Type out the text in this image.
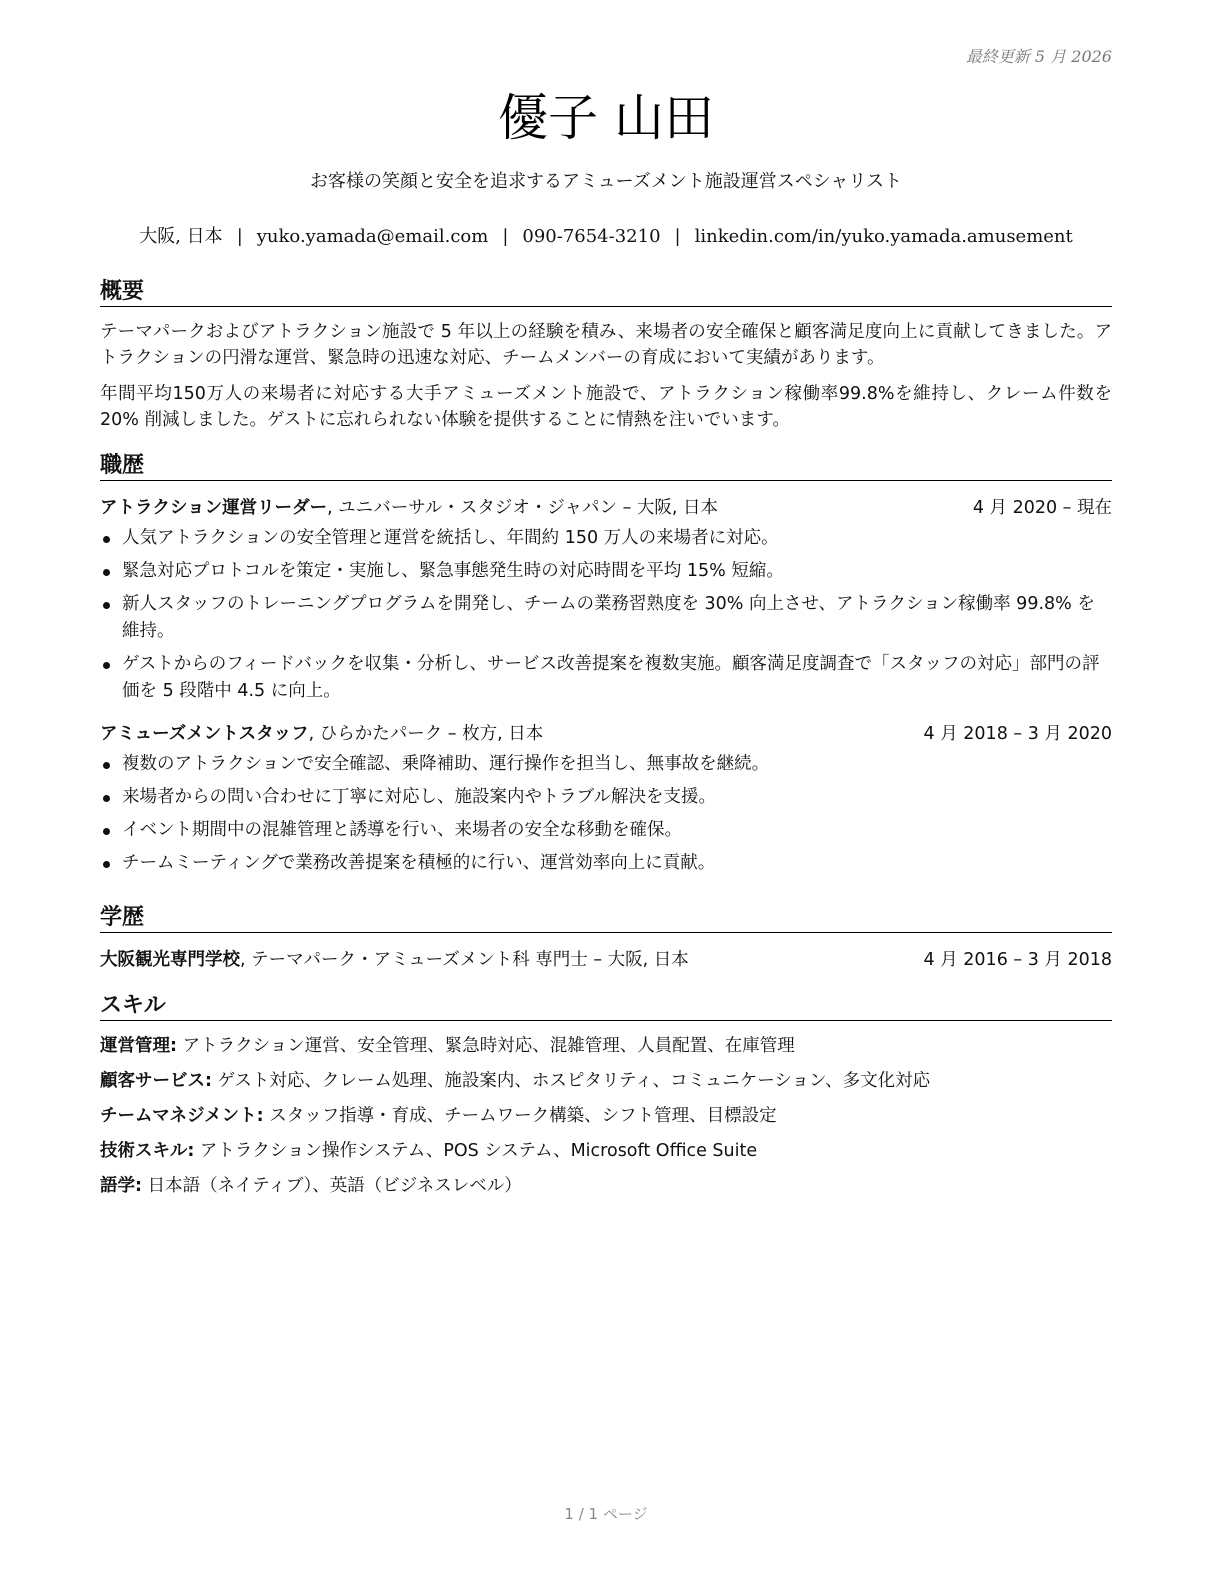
最終更新 5 月 2026
優子 山田
お客様の笑顔と安全を追求するアミューズメント施設運営スペシャリスト
大阪, 日本 | yuko.yamada@email.com | 090-7654-3210 | linkedin.com/in/yuko.yamada.amusement
概要

テーマパークおよびアトラクション施設で 5 年以上の経験を積み、来場者の安全確保と顧客満足度向上に貢献してきました。アトラクションの円滑な運営、緊急時の迅速な対応、チームメンバーの育成において実績があります。

年間平均150万人の来場者に対応する大手アミューズメント施設で、アトラクション稼働率99.8%を維持し、クレーム件数を 20% 削減しました。ゲストに忘れられない体験を提供することに情熱を注いでいます。

職歴
アトラクション運営リーダー, ユニバーサル・スタジオ・ジャパン – 大阪, 日本	4 月 2020 – 現在
人気アトラクションの安全管理と運営を統括し、年間約 150 万人の来場者に対応。
緊急対応プロトコルを策定・実施し、緊急事態発生時の対応時間を平均 15% 短縮。
新人スタッフのトレーニングプログラムを開発し、チームの業務習熟度を 30% 向上させ、アトラクション稼働率 99.8% を維持。
ゲストからのフィードバックを収集・分析し、サービス改善提案を複数実施。顧客満足度調査で「スタッフの対応」部門の評価を 5 段階中 4.5 に向上。
アミューズメントスタッフ, ひらかたパーク – 枚方, 日本	4 月 2018 – 3 月 2020
複数のアトラクションで安全確認、乗降補助、運行操作を担当し、無事故を継続。
来場者からの問い合わせに丁寧に対応し、施設案内やトラブル解決を支援。
イベント期間中の混雑管理と誘導を行い、来場者の安全な移動を確保。
チームミーティングで業務改善提案を積極的に行い、運営効率向上に貢献。
学歴
大阪観光専門学校, テーマパーク・アミューズメント科 専門士 – 大阪, 日本	4 月 2016 – 3 月 2018
スキル
運営管理: アトラクション運営、安全管理、緊急時対応、混雑管理、人員配置、在庫管理
顧客サービス: ゲスト対応、クレーム処理、施設案内、ホスピタリティ、コミュニケーション、多文化対応
チームマネジメント: スタッフ指導・育成、チームワーク構築、シフト管理、目標設定
技術スキル: アトラクション操作システム、POS システム、Microsoft Office Suite
語学: 日本語（ネイティブ）、英語（ビジネスレベル）
1 / 1 ページ
